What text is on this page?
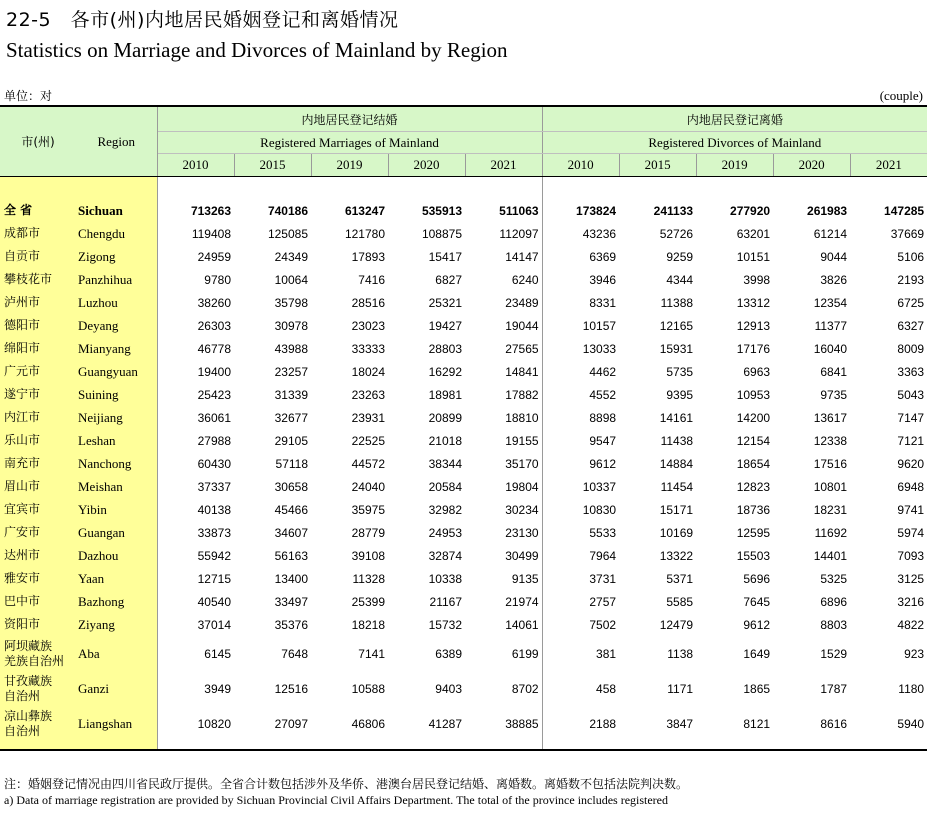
22-5　各市(州)内地居民婚姻登记和离婚情况
Statistics on Marriage and Divorces of Mainland by Region
单位：对	(couple)
市(州)	Region	内地居民登记结婚					内地居民登记离婚				
		Registered Marriages of Mainland					Registered Divorces of Mainland				
		2010	2015	2019	2020	2021	2010	2015	2019	2020	2021

全 省	Sichuan	713263	740186	613247	535913	511063	173824	241133	277920	261983	147285
成都市	Chengdu	119408	125085	121780	108875	112097	43236	52726	63201	61214	37669
自贡市	Zigong	24959	24349	17893	15417	14147	6369	9259	10151	9044	5106
攀枝花市	Panzhihua	9780	10064	7416	6827	6240	3946	4344	3998	3826	2193
泸州市	Luzhou	38260	35798	28516	25321	23489	8331	11388	13312	12354	6725
德阳市	Deyang	26303	30978	23023	19427	19044	10157	12165	12913	11377	6327
绵阳市	Mianyang	46778	43988	33333	28803	27565	13033	15931	17176	16040	8009
广元市	Guangyuan	19400	23257	18024	16292	14841	4462	5735	6963	6841	3363
遂宁市	Suining	25423	31339	23263	18981	17882	4552	9395	10953	9735	5043
内江市	Neijiang	36061	32677	23931	20899	18810	8898	14161	14200	13617	7147
乐山市	Leshan	27988	29105	22525	21018	19155	9547	11438	12154	12338	7121
南充市	Nanchong	60430	57118	44572	38344	35170	9612	14884	18654	17516	9620
眉山市	Meishan	37337	30658	24040	20584	19804	10337	11454	12823	10801	6948
宜宾市	Yibin	40138	45466	35975	32982	30234	10830	15171	18736	18231	9741
广安市	Guangan	33873	34607	28779	24953	23130	5533	10169	12595	11692	5974
达州市	Dazhou	55942	56163	39108	32874	30499	7964	13322	15503	14401	7093
雅安市	Yaan	12715	13400	11328	10338	9135	3731	5371	5696	5325	3125
巴中市	Bazhong	40540	33497	25399	21167	21974	2757	5585	7645	6896	3216
资阳市	Ziyang	37014	35376	18218	15732	14061	7502	12479	9612	8803	4822

阿坝藏族
羌族自治州	Aba	6145	7648	7141	6389	6199	381	1138	1649	1529	923

甘孜藏族
自治州	Ganzi	3949	12516	10588	9403	8702	458	1171	1865	1787	1180

凉山彝族
自治州	Liangshan	10820	27097	46806	41287	38885	2188	3847	8121	8616	5940

注：婚姻登记情况由四川省民政厅提供。全省合计数包括涉外及华侨、港澳台居民登记结婚、离婚数。离婚数不包括法院判决数。
a) Data of marriage registration are provided by Sichuan Provincial Civil Affairs Department. The total of the province includes registered
